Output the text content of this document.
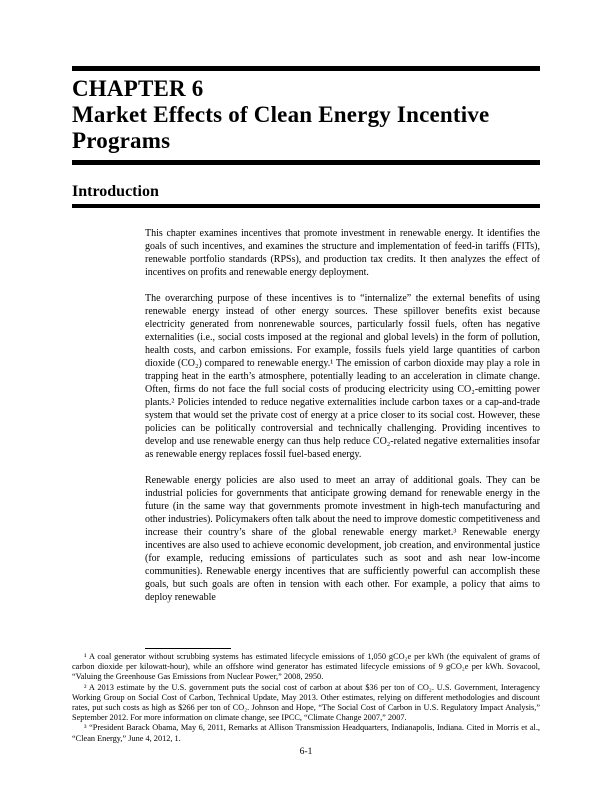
CHAPTER 6
Market Effects of Clean Energy Incentive Programs
Introduction

This chapter examines incentives that promote investment in renewable energy. It identifies the goals of such incentives, and examines the structure and implementation of feed-in tariffs (FITs), renewable portfolio standards (RPSs), and production tax credits. It then analyzes the effect of incentives on profits and renewable energy deployment.

The overarching purpose of these incentives is to “internalize” the external benefits of using renewable energy instead of other energy sources. These spillover benefits exist because electricity generated from nonrenewable sources, particularly fossil fuels, often has negative externalities (i.e., social costs imposed at the regional and global levels) in the form of pollution, health costs, and carbon emissions. For example, fossils fuels yield large quantities of carbon dioxide (CO₂) compared to renewable energy.¹ The emission of carbon dioxide may play a role in trapping heat in the earth’s atmosphere, potentially leading to an acceleration in climate change. Often, firms do not face the full social costs of producing electricity using CO₂-emitting power plants.² Policies intended to reduce negative externalities include carbon taxes or a cap-and-trade system that would set the private cost of energy at a price closer to its social cost. However, these policies can be politically controversial and technically challenging. Providing incentives to develop and use renewable energy can thus help reduce CO₂-related negative externalities insofar as renewable energy replaces fossil fuel-based energy.

Renewable energy policies are also used to meet an array of additional goals. They can be industrial policies for governments that anticipate growing demand for renewable energy in the future (in the same way that governments promote investment in high-tech manufacturing and other industries). Policymakers often talk about the need to improve domestic competitiveness and increase their country’s share of the global renewable energy market.³ Renewable energy incentives are also used to achieve economic development, job creation, and environmental justice (for example, reducing emissions of particulates such as soot and ash near low-income communities). Renewable energy incentives that are sufficiently powerful can accomplish these goals, but such goals are often in tension with each other. For example, a policy that aims to deploy renewable

¹ A coal generator without scrubbing systems has estimated lifecycle emissions of 1,050 gCO₂e per kWh (the equivalent of grams of carbon dioxide per kilowatt-hour), while an offshore wind generator has estimated lifecycle emissions of 9 gCO₂e per kWh. Sovacool, “Valuing the Greenhouse Gas Emissions from Nuclear Power,” 2008, 2950.

² A 2013 estimate by the U.S. government puts the social cost of carbon at about $36 per ton of CO₂. U.S. Government, Interagency Working Group on Social Cost of Carbon, Technical Update, May 2013. Other estimates, relying on different methodologies and discount rates, put such costs as high as $266 per ton of CO₂. Johnson and Hope, “The Social Cost of Carbon in U.S. Regulatory Impact Analysis,” September 2012. For more information on climate change, see IPCC, “Climate Change 2007,” 2007.

³ “President Barack Obama, May 6, 2011, Remarks at Allison Transmission Headquarters, Indianapolis, Indiana. Cited in Morris et al., “Clean Energy,” June 4, 2012, 1.

6-1
